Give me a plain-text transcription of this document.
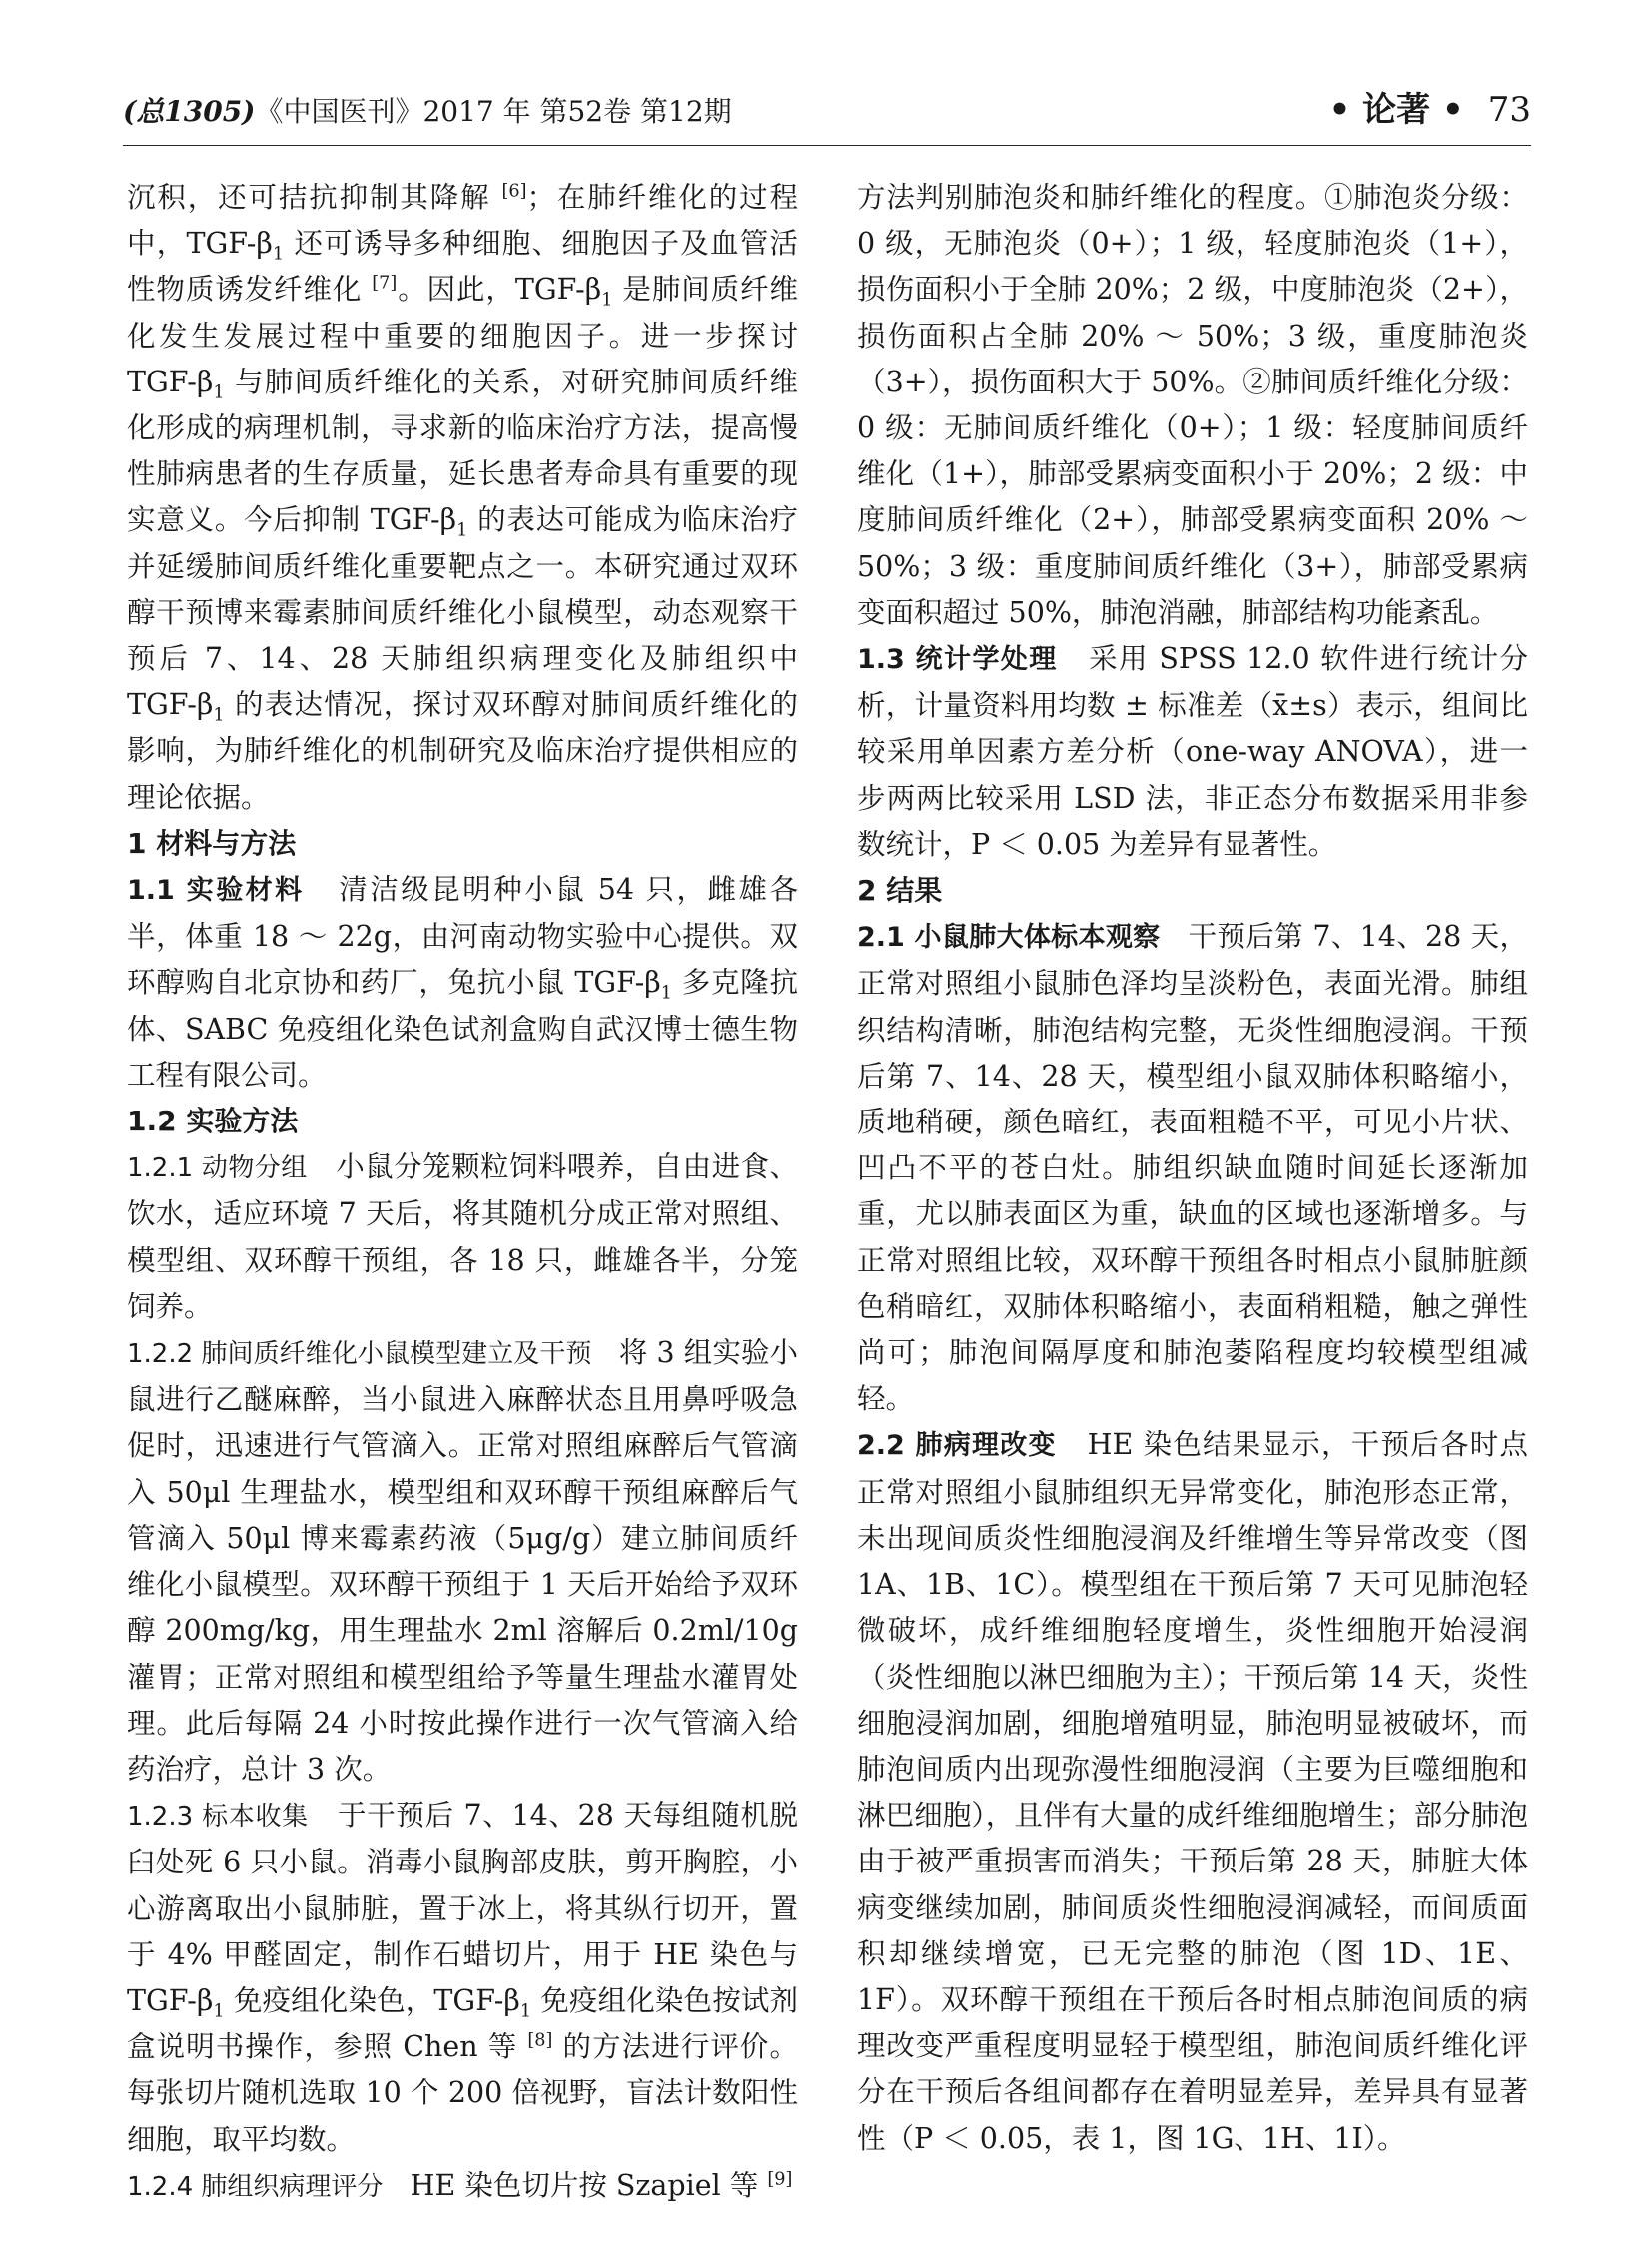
(总1305)《中国医刊》2017 年 第52卷 第12期	• 论著 • 73

沉积，还可拮抗抑制其降解 [6]；在肺纤维化的过程中，TGF-$\beta_1$ 还可诱导多种细胞、细胞因子及血管活性物质诱发纤维化 [7]。因此，TGF-$\beta_1$ 是肺间质纤维化发生发展过程中重要的细胞因子。进一步探讨 TGF-$\beta_1$ 与肺间质纤维化的关系，对研究肺间质纤维化形成的病理机制，寻求新的临床治疗方法，提高慢性肺病患者的生存质量，延长患者寿命具有重要的现实意义。今后抑制 TGF-$\beta_1$ 的表达可能成为临床治疗并延缓肺间质纤维化重要靶点之一。本研究通过双环醇干预博来霉素肺间质纤维化小鼠模型，动态观察干预后 7、14、28 天肺组织病理变化及肺组织中 TGF-$\beta_1$ 的表达情况，探讨双环醇对肺间质纤维化的影响，为肺纤维化的机制研究及临床治疗提供相应的理论依据。

1 材料与方法

1.1 实验材料   清洁级昆明种小鼠 54 只，雌雄各半，体重 18 ～ 22g，由河南动物实验中心提供。双环醇购自北京协和药厂，兔抗小鼠 TGF-$\beta_1$ 多克隆抗体、SABC 免疫组化染色试剂盒购自武汉博士德生物工程有限公司。

1.2 实验方法

1.2.1 动物分组   小鼠分笼颗粒饲料喂养，自由进食、饮水，适应环境 7 天后，将其随机分成正常对照组、模型组、双环醇干预组，各 18 只，雌雄各半，分笼饲养。

1.2.2 肺间质纤维化小鼠模型建立及干预   将 3 组实验小鼠进行乙醚麻醉，当小鼠进入麻醉状态且用鼻呼吸急促时，迅速进行气管滴入。正常对照组麻醉后气管滴入 50μl 生理盐水，模型组和双环醇干预组麻醉后气管滴入 50μl 博来霉素药液（5μg/g）建立肺间质纤维化小鼠模型。双环醇干预组于 1 天后开始给予双环醇 200mg/kg，用生理盐水 2ml 溶解后 0.2ml/10g 灌胃；正常对照组和模型组给予等量生理盐水灌胃处理。此后每隔 24 小时按此操作进行一次气管滴入给药治疗，总计 3 次。

1.2.3 标本收集   于干预后 7、14、28 天每组随机脱臼处死 6 只小鼠。消毒小鼠胸部皮肤，剪开胸腔，小心游离取出小鼠肺脏，置于冰上，将其纵行切开，置于 4% 甲醛固定，制作石蜡切片，用于 HE 染色与 TGF-$\beta_1$ 免疫组化染色，TGF-$\beta_1$ 免疫组化染色按试剂盒说明书操作，参照 Chen 等 [8] 的方法进行评价。每张切片随机选取 10 个 200 倍视野，盲法计数阳性细胞，取平均数。

1.2.4 肺组织病理评分   HE 染色切片按 Szapiel 等 [9]

方法判别肺泡炎和肺纤维化的程度。①肺泡炎分级：0 级，无肺泡炎（0+）；1 级，轻度肺泡炎（1+），损伤面积小于全肺 20%；2 级，中度肺泡炎（2+），损伤面积占全肺 20% ～ 50%；3 级，重度肺泡炎（3+），损伤面积大于 50%。②肺间质纤维化分级：0 级：无肺间质纤维化（0+）；1 级：轻度肺间质纤维化（1+），肺部受累病变面积小于 20%；2 级：中度肺间质纤维化（2+），肺部受累病变面积 20% ～ 50%；3 级：重度肺间质纤维化（3+），肺部受累病变面积超过 50%，肺泡消融，肺部结构功能紊乱。

1.3 统计学处理   采用 SPSS 12.0 软件进行统计分析，计量资料用均数 ± 标准差（x̄±s）表示，组间比较采用单因素方差分析（one-way ANOVA），进一步两两比较采用 LSD 法，非正态分布数据采用非参数统计，P ＜ 0.05 为差异有显著性。

2 结果

2.1 小鼠肺大体标本观察   干预后第 7、14、28 天，正常对照组小鼠肺色泽均呈淡粉色，表面光滑。肺组织结构清晰，肺泡结构完整，无炎性细胞浸润。干预后第 7、14、28 天，模型组小鼠双肺体积略缩小，质地稍硬，颜色暗红，表面粗糙不平，可见小片状、凹凸不平的苍白灶。肺组织缺血随时间延长逐渐加重，尤以肺表面区为重，缺血的区域也逐渐增多。与正常对照组比较，双环醇干预组各时相点小鼠肺脏颜色稍暗红，双肺体积略缩小，表面稍粗糙，触之弹性尚可；肺泡间隔厚度和肺泡萎陷程度均较模型组减轻。

2.2 肺病理改变   HE 染色结果显示，干预后各时点正常对照组小鼠肺组织无异常变化，肺泡形态正常，未出现间质炎性细胞浸润及纤维增生等异常改变（图 1A、1B、1C）。模型组在干预后第 7 天可见肺泡轻微破坏，成纤维细胞轻度增生，炎性细胞开始浸润（炎性细胞以淋巴细胞为主）；干预后第 14 天，炎性细胞浸润加剧，细胞增殖明显，肺泡明显被破坏，而肺泡间质内出现弥漫性细胞浸润（主要为巨噬细胞和淋巴细胞），且伴有大量的成纤维细胞增生；部分肺泡由于被严重损害而消失；干预后第 28 天，肺脏大体病变继续加剧，肺间质炎性细胞浸润减轻，而间质面积却继续增宽，已无完整的肺泡（图 1D、1E、1F）。双环醇干预组在干预后各时相点肺泡间质的病理改变严重程度明显轻于模型组，肺泡间质纤维化评分在干预后各组间都存在着明显差异，差异具有显著性（P ＜ 0.05，表 1，图 1G、1H、1I）。
